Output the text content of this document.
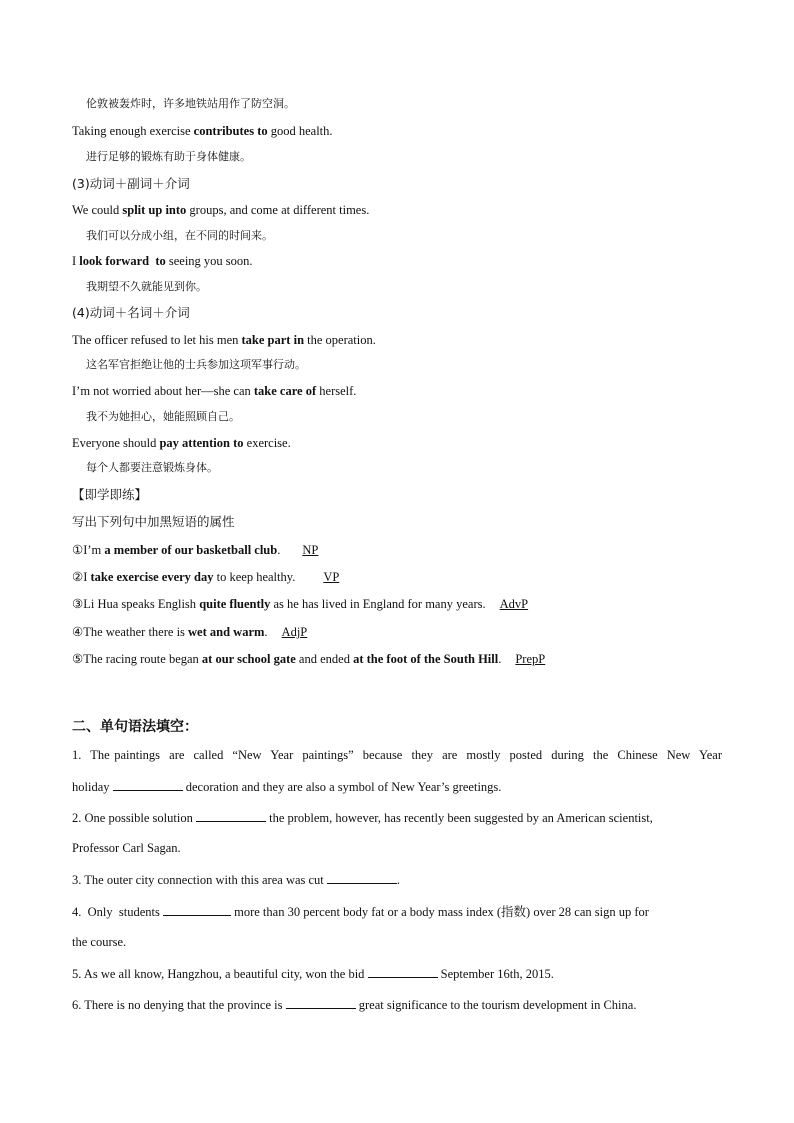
伦敦被轰炸时，许多地铁站用作了防空洞。
Taking enough exercise contributes to good health.
进行足够的锻炼有助于身体健康。
(3)动词＋副词＋介词
We could split up into groups, and come at different times.
我们可以分成小组，在不同的时间来。
I look forward  to seeing you soon.
我期望不久就能见到你。
(4)动词＋名词＋介词
The officer refused to let his men take part in the operation.
这名军官拒绝让他的士兵参加这项军事行动。
I’m not worried about her—she can take care of herself.
我不为她担心，她能照顾自己。
Everyone should pay attention to exercise.
每个人都要注意锻炼身体。
【即学即练】
写出下列句中加黑短语的属性
①I’m a member of our basketball club. NP
②I take exercise every day to keep healthy. VP
③Li Hua speaks English quite fluently as he has lived in England for many years. AdvP
④The weather there is wet and warm. AdjP
⑤The racing route began at our school gate and ended at the foot of the South Hill. PrepP
二、单句语法填空：
1.  The paintings  are  called  “New  Year  paintings”  because  they  are  mostly  posted  during  the  Chinese  New  Year
holiday	decoration and they are also a symbol of New Year’s greetings.
2. One possible solution	the problem, however, has recently been suggested by an American scientist,
Professor Carl Sagan.
3. The outer city connection with this area was cut	.
4.  Only  students	more than 30 percent body fat or a body mass index (指数) over 28 can sign up for
the course.
5. As we all know, Hangzhou, a beautiful city, won the bid	September 16th, 2015.
6. There is no denying that the province is	great significance to the tourism development in China.
